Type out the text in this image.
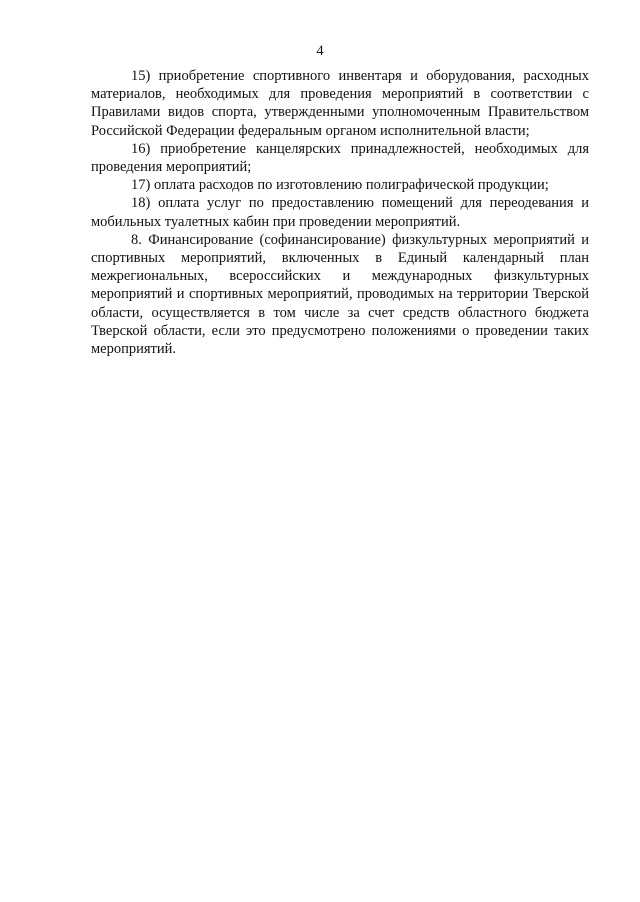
4

15) приобретение спортивного инвентаря и оборудования, расходных материалов, необходимых для проведения мероприятий в соответствии с Правилами видов спорта, утвержденными уполномоченным Правительством Российской Федерации федеральным органом исполнительной власти;

16) приобретение канцелярских принадлежностей, необходимых для проведения мероприятий;

17) оплата расходов по изготовлению полиграфической продукции;

18) оплата услуг по предоставлению помещений для переодевания и мобильных туалетных кабин при проведении мероприятий.

8. Финансирование (софинансирование) физкультурных мероприятий и спортивных мероприятий, включенных в Единый календарный план межрегиональных, всероссийских и международных физкультурных мероприятий и спортивных мероприятий, проводимых на территории Тверской области, осуществляется в том числе за счет средств областного бюджета Тверской области, если это предусмотрено положениями о проведении таких мероприятий.
